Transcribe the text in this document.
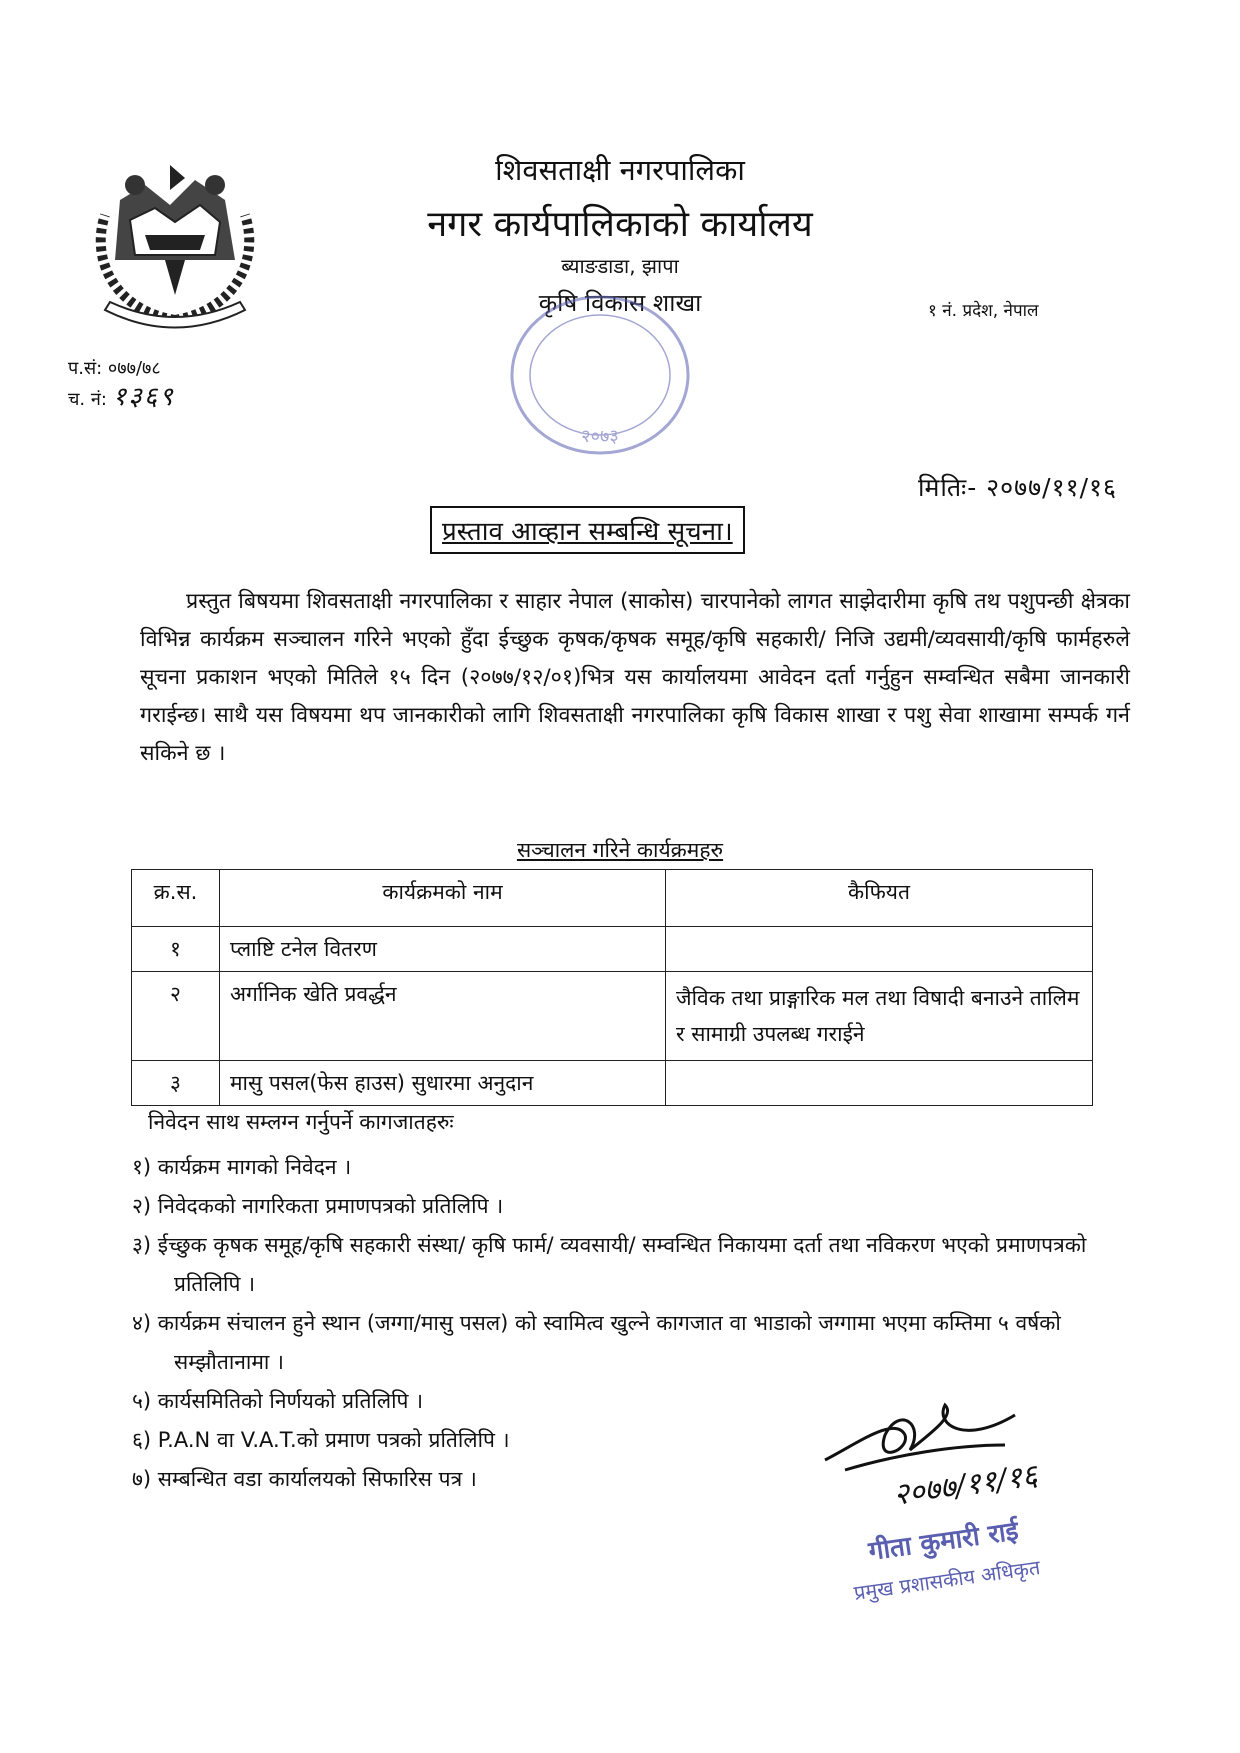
शिवसताक्षी नगरपालिका
नगर कार्यपालिकाको कार्यालय
ब्याङडाडा, झापा
कृषि विकास शाखा	१ नं. प्रदेश, नेपाल
२०७३
प.सं: ०७७/७८
च. नं: १३६९
मितिः- २०७७/११/१६
प्रस्ताव आव्हान सम्बन्धि सूचना।
प्रस्तुत बिषयमा शिवसताक्षी नगरपालिका र साहार नेपाल (साकोस) चारपानेको लागत साझेदारीमा कृषि तथ पशुपन्छी क्षेत्रका विभिन्न कार्यक्रम सञ्चालन गरिने भएको हुँदा ईच्छुक कृषक/कृषक समूह/कृषि सहकारी/ निजि उद्यमी/व्यवसायी/कृषि फार्महरुले सूचना प्रकाशन भएको मितिले १५ दिन (२०७७/१२/०१)भित्र यस कार्यालयमा आवेदन दर्ता गर्नुहुन सम्वन्धित सबैमा जानकारी गराईन्छ। साथै यस विषयमा थप जानकारीको लागि शिवसताक्षी नगरपालिका कृषि विकास शाखा र पशु सेवा शाखामा सम्पर्क गर्न सकिने छ ।
सञ्चालन गरिने कार्यक्रमहरु
क्र.स.	कार्यक्रमको नाम	कैफियत
१	प्लाष्टि टनेल वितरण	
२	अर्गानिक खेति प्रवर्द्धन	जैविक तथा प्राङ्गारिक मल तथा विषादी बनाउने तालिम र सामाग्री उपलब्ध गराईने
३	मासु पसल(फेस हाउस) सुधारमा अनुदान	
निवेदन साथ सम्लग्न गर्नुपर्ने कागजातहरुः
१) कार्यक्रम मागको निवेदन ।
२) निवेदकको नागरिकता प्रमाणपत्रको प्रतिलिपि ।
३) ईच्छुक कृषक समूह/कृषि सहकारी संस्था/ कृषि फार्म/ व्यवसायी/ सम्वन्धित निकायमा दर्ता तथा नविकरण भएको प्रमाणपत्रको प्रतिलिपि ।
४) कार्यक्रम संचालन हुने स्थान (जग्गा/मासु पसल) को स्वामित्व खुल्ने कागजात वा भाडाको जग्गामा भएमा कम्तिमा ५ वर्षको सम्झौतानामा ।
५) कार्यसमितिको निर्णयको प्रतिलिपि ।
६) P.A.N वा V.A.T.को प्रमाण पत्रको प्रतिलिपि ।
७) सम्बन्धित वडा कार्यालयको सिफारिस पत्र ।	२०७७/११/१६
गीता कुमारी राई
प्रमुख प्रशासकीय अधिकृत
